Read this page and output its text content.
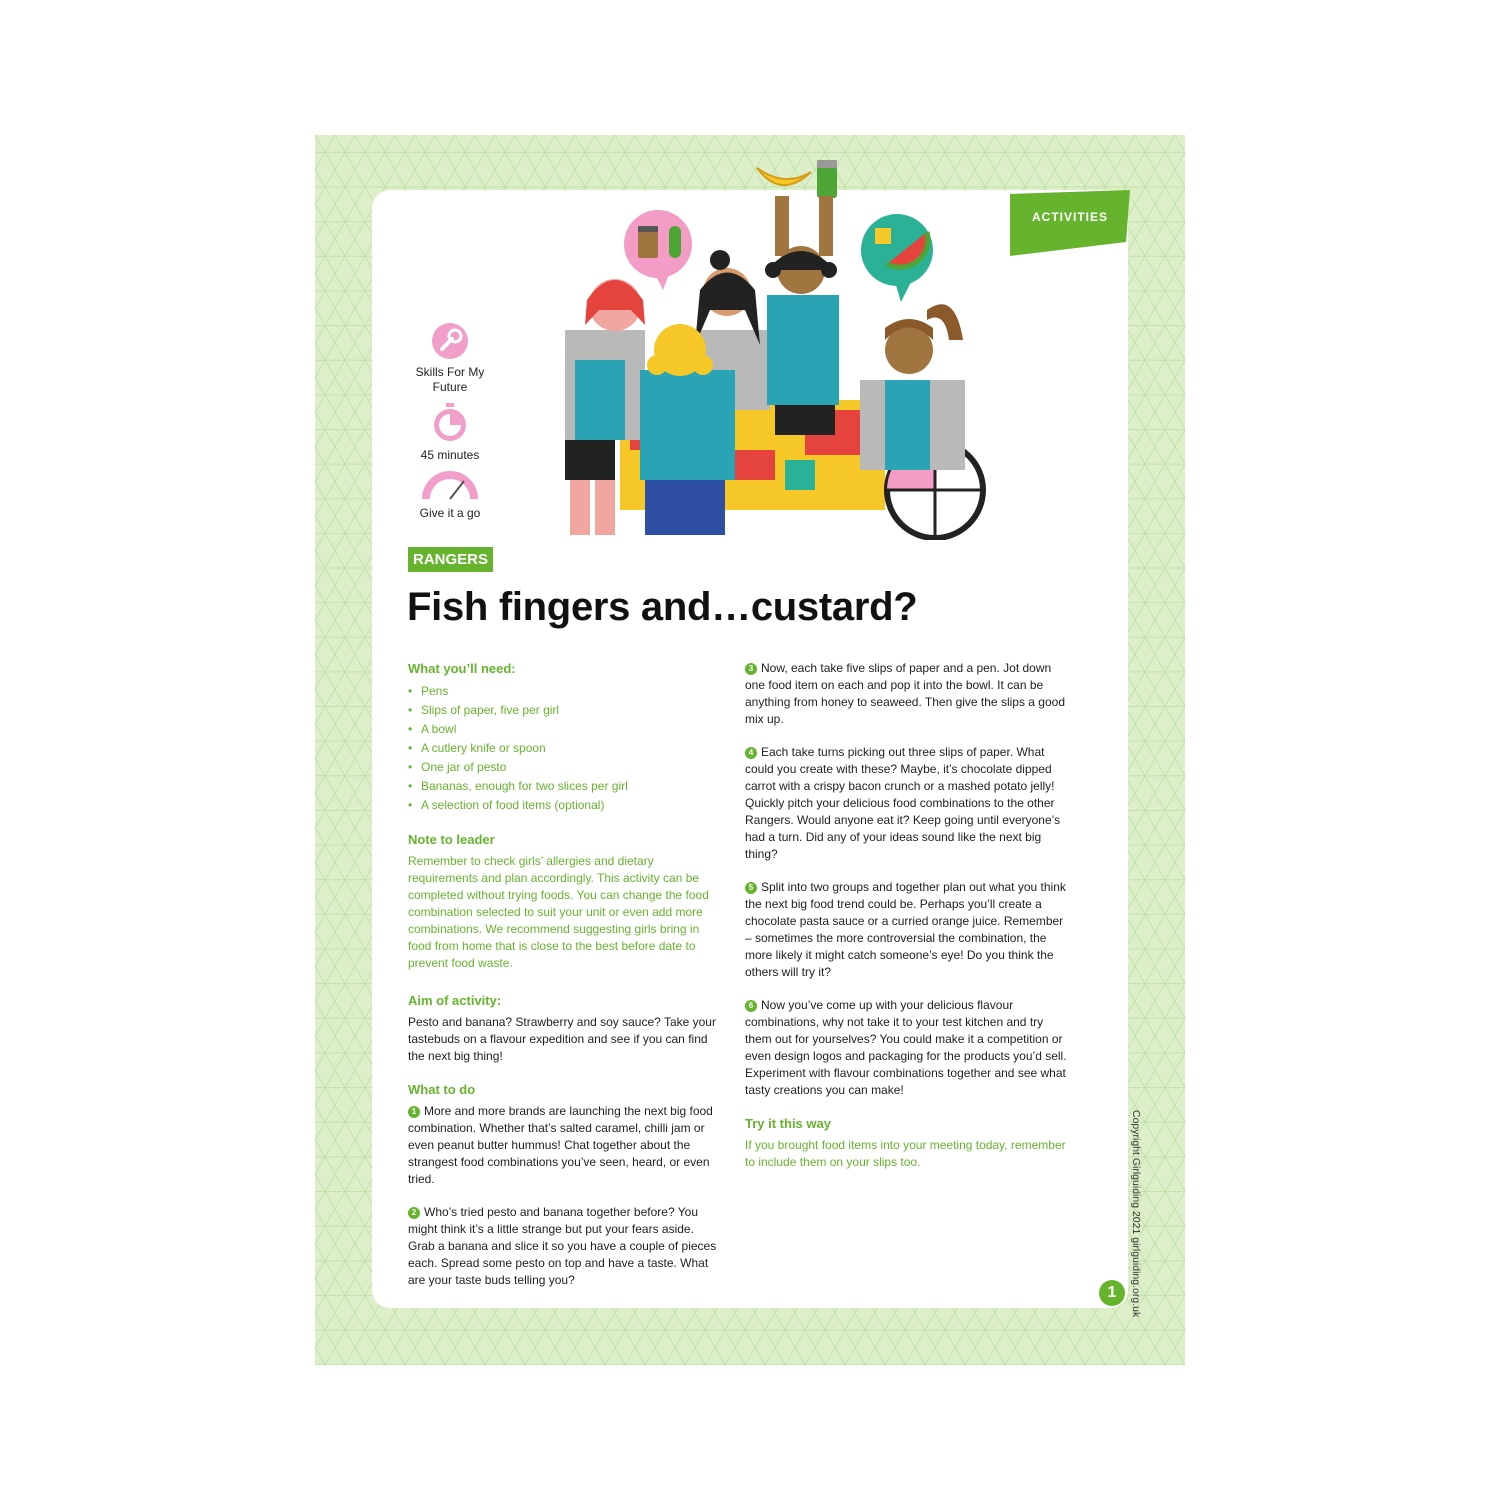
ACTIVITIES
Skills For My Future
45 minutes
Give it a go
RANGERS
Fish fingers and…custard?
What you’ll need:
• Pens
• Slips of paper, five per girl
• A bowl
• A cutlery knife or spoon
• One jar of pesto
• Bananas, enough for two slices per girl
• A selection of food items (optional)
Note to leader

Remember to check girls’ allergies and dietary requirements and plan accordingly. This activity can be completed without trying foods. You can change the food combination selected to suit your unit or even add more combinations. We recommend suggesting girls bring in food from home that is close to the best before date to prevent food waste.

Aim of activity:

Pesto and banana? Strawberry and soy sauce? Take your tastebuds on a flavour expedition and see if you can find the next big thing!

What to do

1 More and more brands are launching the next big food combination. Whether that’s salted caramel, chilli jam or even peanut butter hummus! Chat together about the strangest food combinations you’ve seen, heard, or even tried.

2 Who’s tried pesto and banana together before? You might think it’s a little strange but put your fears aside. Grab a banana and slice it so you have a couple of pieces each. Spread some pesto on top and have a taste. What are your taste buds telling you?

3 Now, each take five slips of paper and a pen. Jot down one food item on each and pop it into the bowl. It can be anything from honey to seaweed. Then give the slips a good mix up.

4 Each take turns picking out three slips of paper. What could you create with these? Maybe, it’s chocolate dipped carrot with a crispy bacon crunch or a mashed potato jelly! Quickly pitch your delicious food combinations to the other Rangers. Would anyone eat it? Keep going until everyone’s had a turn. Did any of your ideas sound like the next big thing?

5 Split into two groups and together plan out what you think the next big food trend could be. Perhaps you’ll create a chocolate pasta sauce or a curried orange juice. Remember – sometimes the more controversial the combination, the more likely it might catch someone’s eye! Do you think the others will try it?

6 Now you’ve come up with your delicious flavour combinations, why not take it to your test kitchen and try them out for yourselves? You could make it a competition or even design logos and packaging for the products you’d sell. Experiment with flavour combinations together and see what tasty creations you can make!

Try it this way

If you brought food items into your meeting today, remember to include them on your slips too.

1	Copyright Girlguiding 2021 girlguiding.org.uk
